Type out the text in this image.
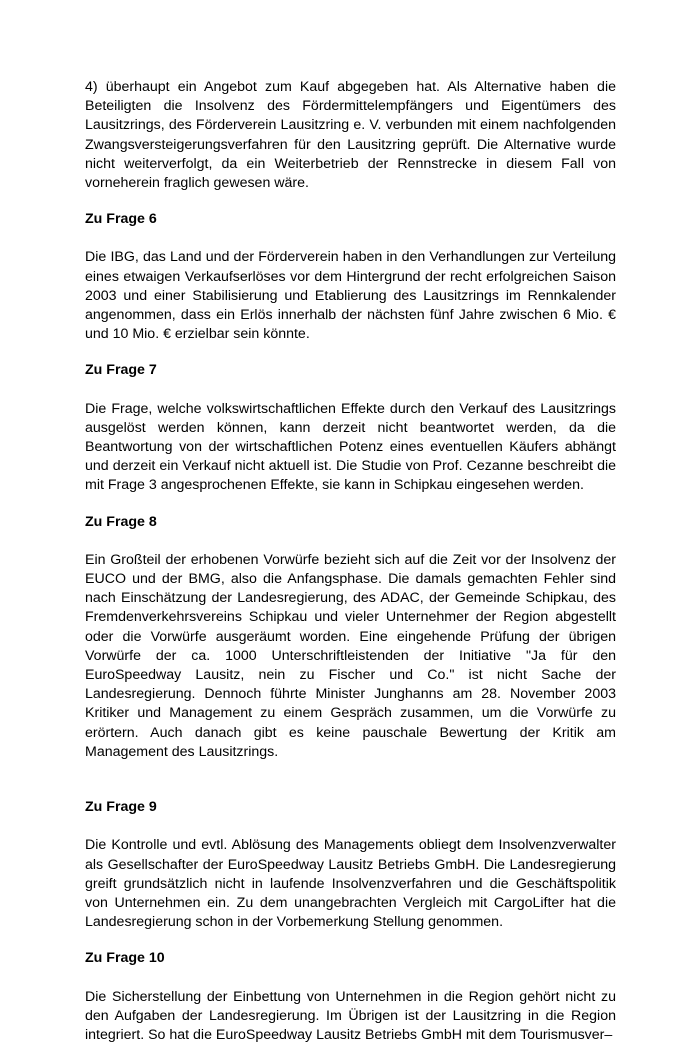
4) überhaupt ein Angebot zum Kauf abgegeben hat. Als Alternative haben die Beteiligten die Insolvenz des Fördermittelempfängers und Eigentümers des Lausitzrings, des Förderverein Lausitzring e. V. verbunden mit einem nachfolgenden Zwangsversteigerungsverfahren für den Lausitzring geprüft. Die Alternative wurde nicht weiterverfolgt, da ein Weiterbetrieb der Rennstrecke in diesem Fall von vorneherein fraglich gewesen wäre.

Zu Frage 6

Die IBG, das Land und der Förderverein haben in den Verhandlungen zur Verteilung eines etwaigen Verkaufserlöses vor dem Hintergrund der recht erfolgreichen Saison 2003 und einer Stabilisierung und Etablierung des Lausitzrings im Rennkalender angenommen, dass ein Erlös innerhalb der nächsten fünf Jahre zwischen 6 Mio. € und 10 Mio. € erzielbar sein könnte.

Zu Frage 7

Die Frage, welche volkswirtschaftlichen Effekte durch den Verkauf des Lausitzrings ausgelöst werden können, kann derzeit nicht beantwortet werden, da die Beantwortung von der wirtschaftlichen Potenz eines eventuellen Käufers abhängt und derzeit ein Verkauf nicht aktuell ist. Die Studie von Prof. Cezanne beschreibt die mit Frage 3 angesprochenen Effekte, sie kann in Schipkau eingesehen werden.

Zu Frage 8

Ein Großteil der erhobenen Vorwürfe bezieht sich auf die Zeit vor der Insolvenz der EUCO und der BMG, also die Anfangsphase. Die damals gemachten Fehler sind nach Einschätzung der Landesregierung, des ADAC, der Gemeinde Schipkau, des Fremdenverkehrsvereins Schipkau und vieler Unternehmer der Region abgestellt oder die Vorwürfe ausgeräumt worden. Eine eingehende Prüfung der übrigen Vorwürfe der ca. 1000 Unterschriftleistenden der Initiative "Ja für den EuroSpeedway Lausitz, nein zu Fischer und Co." ist nicht Sache der Landesregierung. Dennoch führte Minister Junghanns am 28. November 2003 Kritiker und Management zu einem Gespräch zusammen, um die Vorwürfe zu erörtern. Auch danach gibt es keine pauschale Bewertung der Kritik am Management des Lausitzrings.

Zu Frage 9

Die Kontrolle und evtl. Ablösung des Managements obliegt dem Insolvenzverwalter als Gesellschafter der EuroSpeedway Lausitz Betriebs GmbH. Die Landesregierung greift grundsätzlich nicht in laufende Insolvenzverfahren und die Geschäftspolitik von Unternehmen ein. Zu dem unangebrachten Vergleich mit CargoLifter hat die Landesregierung schon in der Vorbemerkung Stellung genommen.

Zu Frage 10

Die Sicherstellung der Einbettung von Unternehmen in die Region gehört nicht zu den Aufgaben der Landesregierung. Im Übrigen ist der Lausitzring in die Region integriert. So hat die EuroSpeedway Lausitz Betriebs GmbH mit dem Tourismusver–
